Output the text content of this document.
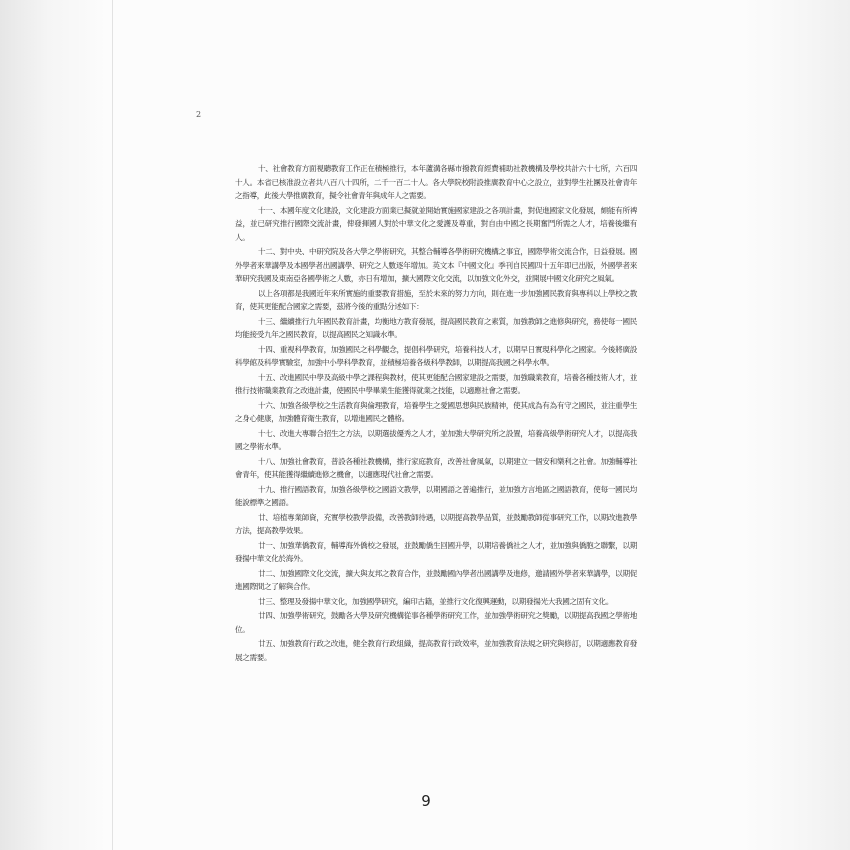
2

十、社會教育方面視聽教育工作正在積極推行，本年蘆溝各縣市撥教育經費補助社教機構及學校共計六十七所，六百四十人。本省已核准設立者共八百八十四所，二千一百二十人。各大學院校附設推廣教育中心之設立，並對學生社團及社會青年之指導，此後大學推廣教育，擬令社會青年與成年人之需要。

十一、本國年度文化建設，文化建設方面業已擬就並開始實施國家建設之各項計畫，對促進國家文化發展，頗能有所裨益，並已研究推行國際交流計畫，俾發揮國人對於中華文化之愛護及尊重，對自由中國之長期奮鬥所需之人才，培養後繼有人。

十二、對中央、中研究院及各大學之學術研究，其整合輔導各學術研究機構之事宜，國際學術交流合作，日益發展。國外學者來華講學及本國學者出國講學、研究之人數逐年增加。英文本『中國文化』季刊自民國四十五年即已出版，外國學者來華研究我國及東南亞各國學術之人數，亦日有增加，擴大國際文化交流，以加強文化外交，並開展中國文化研究之風氣。

以上各項都是我國近年來所實施的重要教育措施，至於未來的努力方向，則在進一步加強國民教育與專科以上學校之教育，使其更能配合國家之需要，茲將今後的重點分述如下：

十三、繼續推行九年國民教育計畫，均衡地方教育發展，提高國民教育之素質，加強教師之進修與研究，務使每一國民均能接受九年之國民教育，以提高國民之知識水準。

十四、重視科學教育，加強國民之科學觀念，提倡科學研究，培養科技人才，以期早日實現科學化之國家。今後將廣設科學館及科學實驗室，加強中小學科學教育，並積極培養各級科學教師，以期提高我國之科學水準。

十五、改進國民中學及高級中學之課程與教材，使其更能配合國家建設之需要，加強職業教育，培養各種技術人才，並推行技術職業教育之改進計畫，使國民中學畢業生能獲得就業之技能，以適應社會之需要。

十六、加強各級學校之生活教育與倫理教育，培養學生之愛國思想與民族精神，使其成為有為有守之國民，並注重學生之身心健康，加強體育衛生教育，以增進國民之體格。

十七、改進大專聯合招生之方法，以期選拔優秀之人才，並加強大學研究所之設置，培養高級學術研究人才，以提高我國之學術水準。

十八、加強社會教育，普設各種社教機構，推行家庭教育，改善社會風氣，以期建立一個安和樂利之社會。加強輔導社會青年，使其能獲得繼續進修之機會，以適應現代社會之需要。

十九、推行國語教育，加強各級學校之國語文教學，以期國語之普遍推行，並加強方言地區之國語教育，使每一國民均能說標準之國語。

廿、培植專業師資，充實學校教學設備，改善教師待遇，以期提高教學品質，並鼓勵教師從事研究工作，以期改進教學方法，提高教學效果。

廿一、加強華僑教育，輔導海外僑校之發展，並鼓勵僑生回國升學，以期培養僑社之人才，並加強與僑胞之聯繫，以期發揚中華文化於海外。

廿二、加強國際文化交流，擴大與友邦之教育合作，並鼓勵國內學者出國講學及進修，邀請國外學者來華講學，以期促進國際間之了解與合作。

廿三、整理及發揚中華文化，加強國學研究，編印古籍，並推行文化復興運動，以期發揚光大我國之固有文化。

廿四、加強學術研究，鼓勵各大學及研究機構從事各種學術研究工作，並加強學術研究之獎勵，以期提高我國之學術地位。

廿五、加強教育行政之改進，健全教育行政組織，提高教育行政效率，並加強教育法規之研究與修訂，以期適應教育發展之需要。

9
